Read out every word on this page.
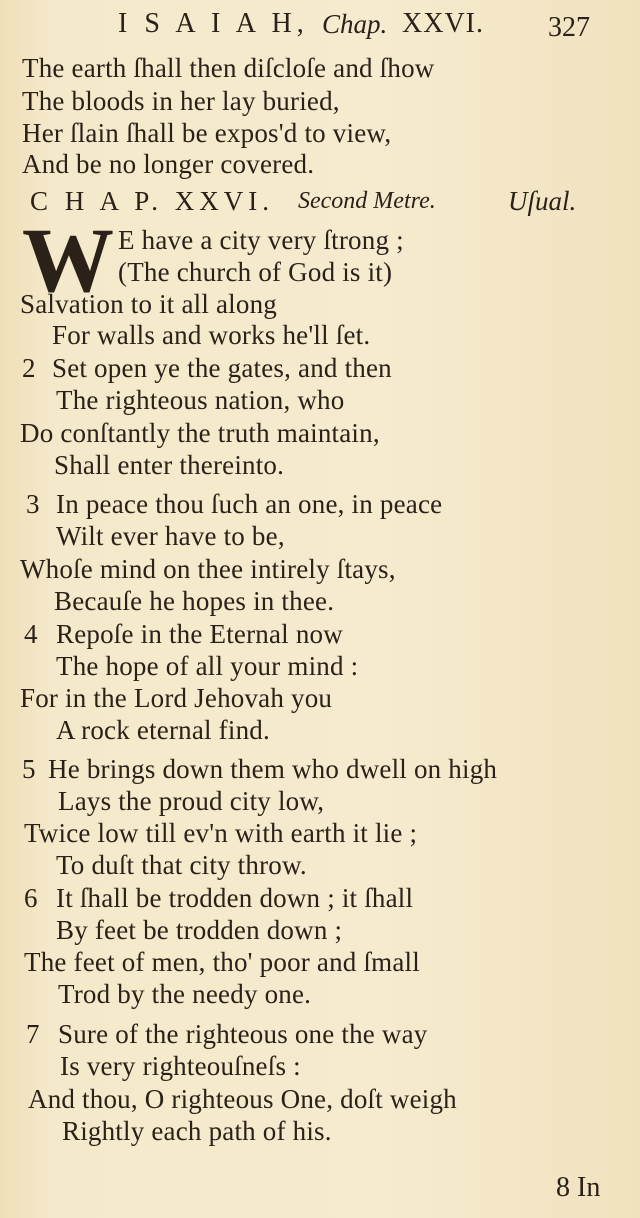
I S A I A H, Chap. XXVI. 327
The earth ſhall then diſcloſe and ſhow
The bloods in her lay buried,
Her ſlain ſhall be expos'd to view,
And be no longer covered.
C H A P. XXVI. Second Metre.	Uſual.
W E have a city very ſtrong ;
(The church of God is it)
Salvation to it all along
For walls and works he'll ſet.
2 Set open ye the gates, and then
The righteous nation, who
Do conſtantly the truth maintain,
Shall enter thereinto.
3 In peace thou ſuch an one, in peace
Wilt ever have to be,
Whoſe mind on thee intirely ſtays,
Becauſe he hopes in thee.
4 Repoſe in the Eternal now
The hope of all your mind :
For in the Lord Jehovah you
A rock eternal find.
5 He brings down them who dwell on high
Lays the proud city low,
Twice low till ev'n with earth it lie ;
To duſt that city throw.
6 It ſhall be trodden down ; it ſhall
By feet be trodden down ;
The feet of men, tho' poor and ſmall
Trod by the needy one.
7 Sure of the righteous one the way
Is very righteouſneſs :
And thou, O righteous One, doſt weigh
Rightly each path of his.
8 In
